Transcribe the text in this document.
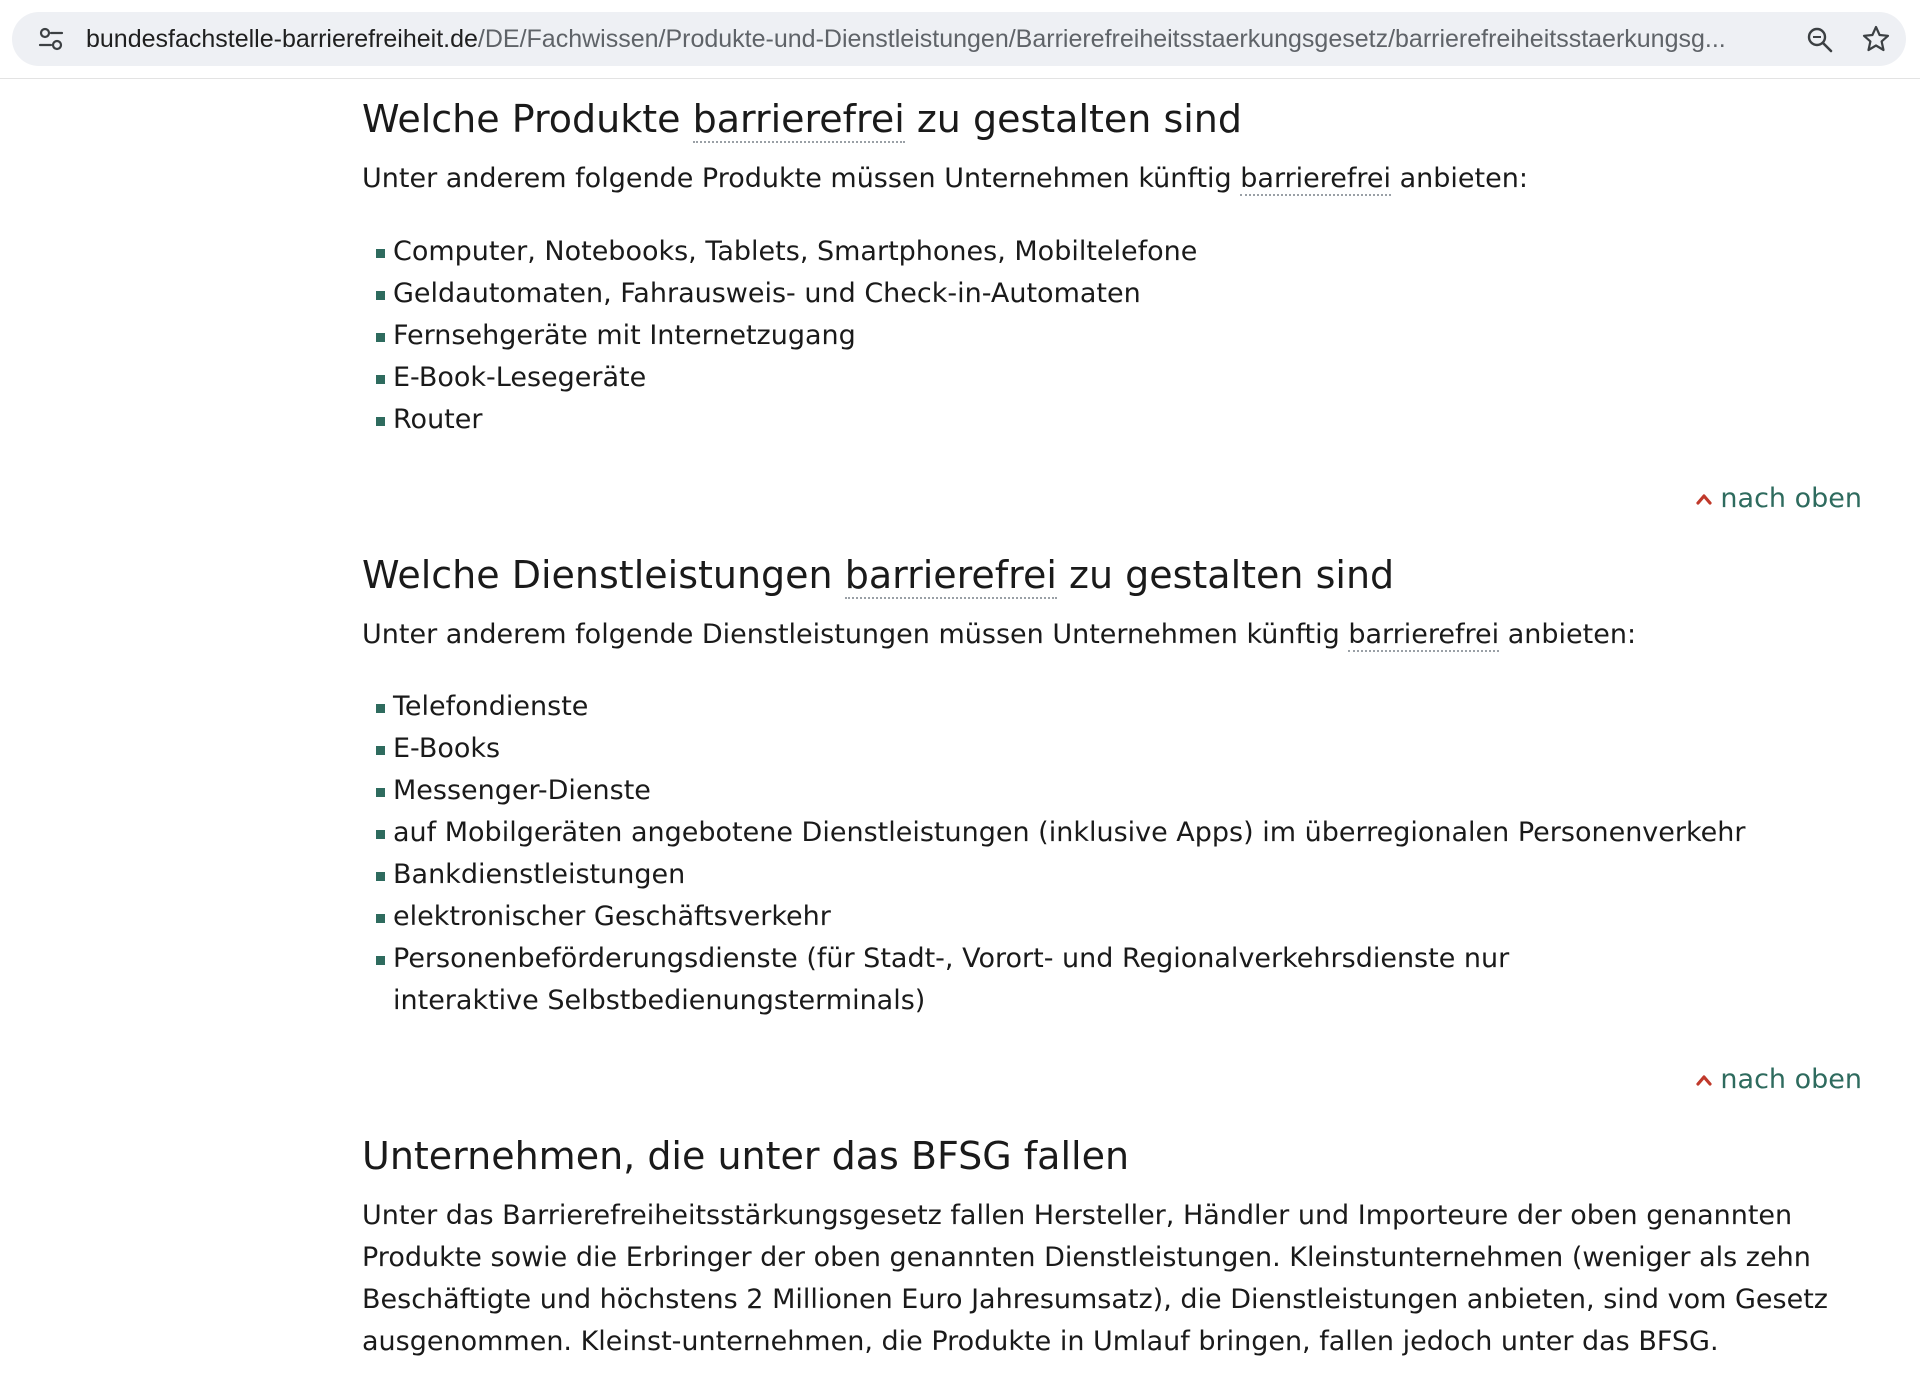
bundesfachstelle-barrierefreiheit.de/DE/Fachwissen/Produkte-und-Dienstleistungen/Barrierefreiheitsstaerkungsgesetz/barrierefreiheitsstaerkungsg...
Welche Produkte barrierefrei zu gestalten sind

Unter anderem folgende Produkte müssen Unternehmen künftig barrierefrei anbieten:

Computer, Notebooks, Tablets, Smartphones, Mobiltelefone
Geldautomaten, Fahrausweis- und Check-in-Automaten
Fernsehgeräte mit Internetzugang
E-Book-Lesegeräte
Router
nach oben
Welche Dienstleistungen barrierefrei zu gestalten sind

Unter anderem folgende Dienstleistungen müssen Unternehmen künftig barrierefrei anbieten:

Telefondienste
E-Books
Messenger-Dienste
auf Mobilgeräten angebotene Dienstleistungen (inklusive Apps) im überregionalen Personenverkehr
Bankdienstleistungen
elektronischer Geschäftsverkehr
Personenbeförderungsdienste (für Stadt-, Vorort- und Regionalverkehrsdienste nur interaktive Selbstbedienungsterminals)
nach oben
Unternehmen, die unter das BFSG fallen

Unter das Barrierefreiheitsstärkungsgesetz fallen Hersteller, Händler und Importeure der oben genannten Produkte sowie die Erbringer der oben genannten Dienstleistungen. Kleinstunternehmen (weniger als zehn Beschäftigte und höchstens 2 Millionen Euro Jahresumsatz), die Dienstleistungen anbieten, sind vom Gesetz ausgenommen. Kleinst-unternehmen, die Produkte in Umlauf bringen, fallen jedoch unter das BFSG.
